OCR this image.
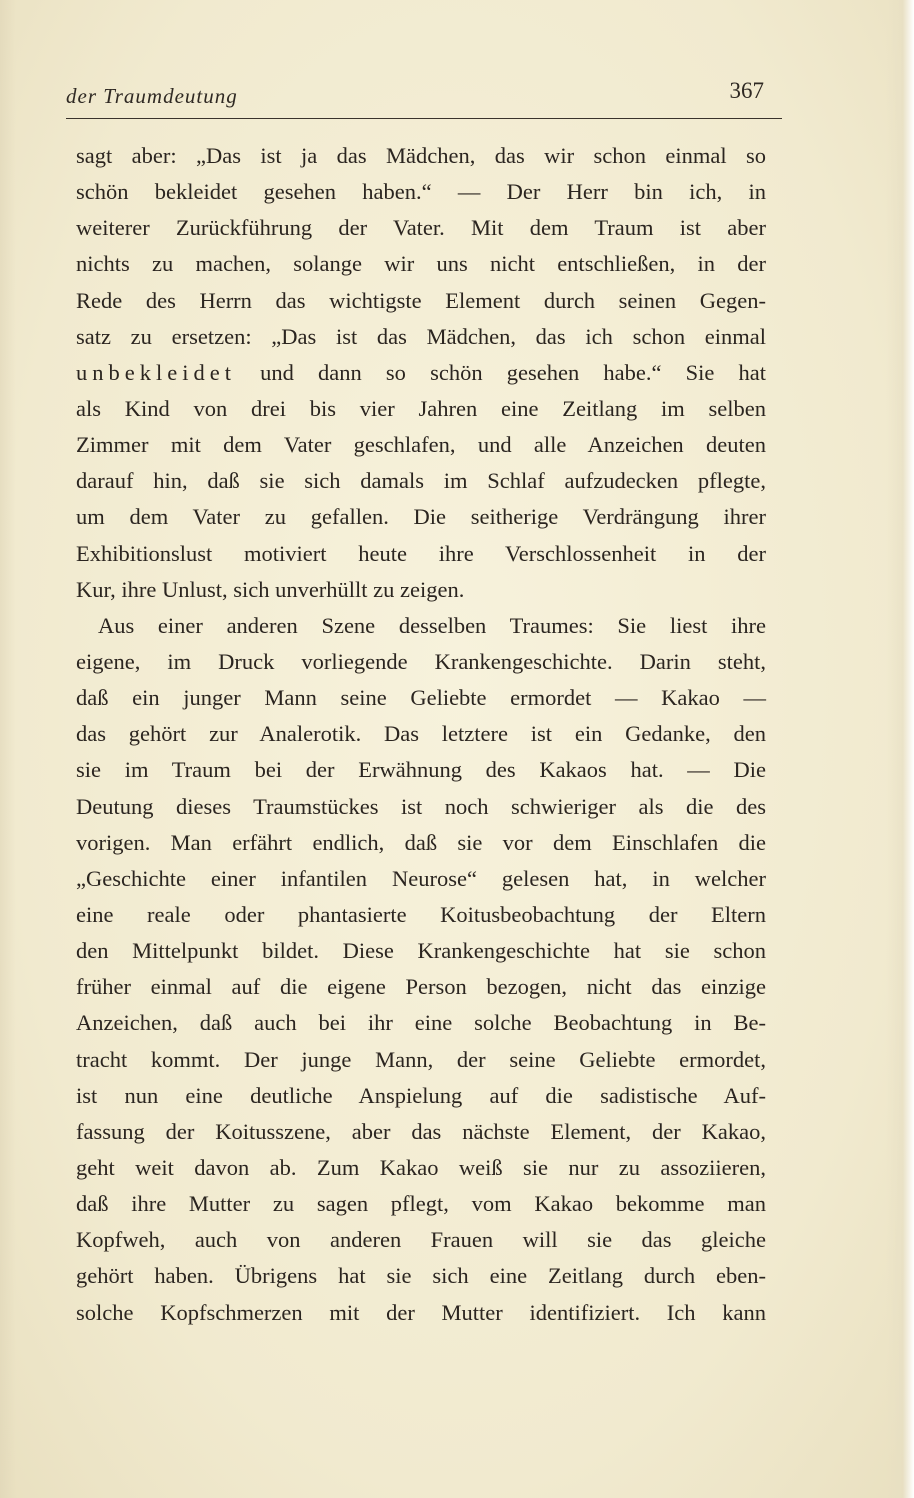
der Traumdeutung	367
sagt aber: „Das ist ja das Mädchen, das wir schon einmal so
schön bekleidet gesehen haben.“ — Der Herr bin ich, in
weiterer Zurückführung der Vater. Mit dem Traum ist aber
nichts zu machen, solange wir uns nicht entschließen, in der
Rede des Herrn das wichtigste Element durch seinen Gegen-
satz zu ersetzen: „Das ist das Mädchen, das ich schon einmal
unbekleidet und dann so schön gesehen habe.“ Sie hat
als Kind von drei bis vier Jahren eine Zeitlang im selben
Zimmer mit dem Vater geschlafen, und alle Anzeichen deuten
darauf hin, daß sie sich damals im Schlaf aufzudecken pflegte,
um dem Vater zu gefallen. Die seitherige Verdrängung ihrer
Exhibitionslust motiviert heute ihre Verschlossenheit in der
Kur, ihre Unlust, sich unverhüllt zu zeigen.
Aus einer anderen Szene desselben Traumes: Sie liest ihre
eigene, im Druck vorliegende Krankengeschichte. Darin steht,
daß ein junger Mann seine Geliebte ermordet — Kakao —
das gehört zur Analerotik. Das letztere ist ein Gedanke, den
sie im Traum bei der Erwähnung des Kakaos hat. — Die
Deutung dieses Traumstückes ist noch schwieriger als die des
vorigen. Man erfährt endlich, daß sie vor dem Einschlafen die
„Geschichte einer infantilen Neurose“ gelesen hat, in welcher
eine reale oder phantasierte Koitusbeobachtung der Eltern
den Mittelpunkt bildet. Diese Krankengeschichte hat sie schon
früher einmal auf die eigene Person bezogen, nicht das einzige
Anzeichen, daß auch bei ihr eine solche Beobachtung in Be-
tracht kommt. Der junge Mann, der seine Geliebte ermordet,
ist nun eine deutliche Anspielung auf die sadistische Auf-
fassung der Koitusszene, aber das nächste Element, der Kakao,
geht weit davon ab. Zum Kakao weiß sie nur zu assoziieren,
daß ihre Mutter zu sagen pflegt, vom Kakao bekomme man
Kopfweh, auch von anderen Frauen will sie das gleiche
gehört haben. Übrigens hat sie sich eine Zeitlang durch eben-
solche Kopfschmerzen mit der Mutter identifiziert. Ich kann
